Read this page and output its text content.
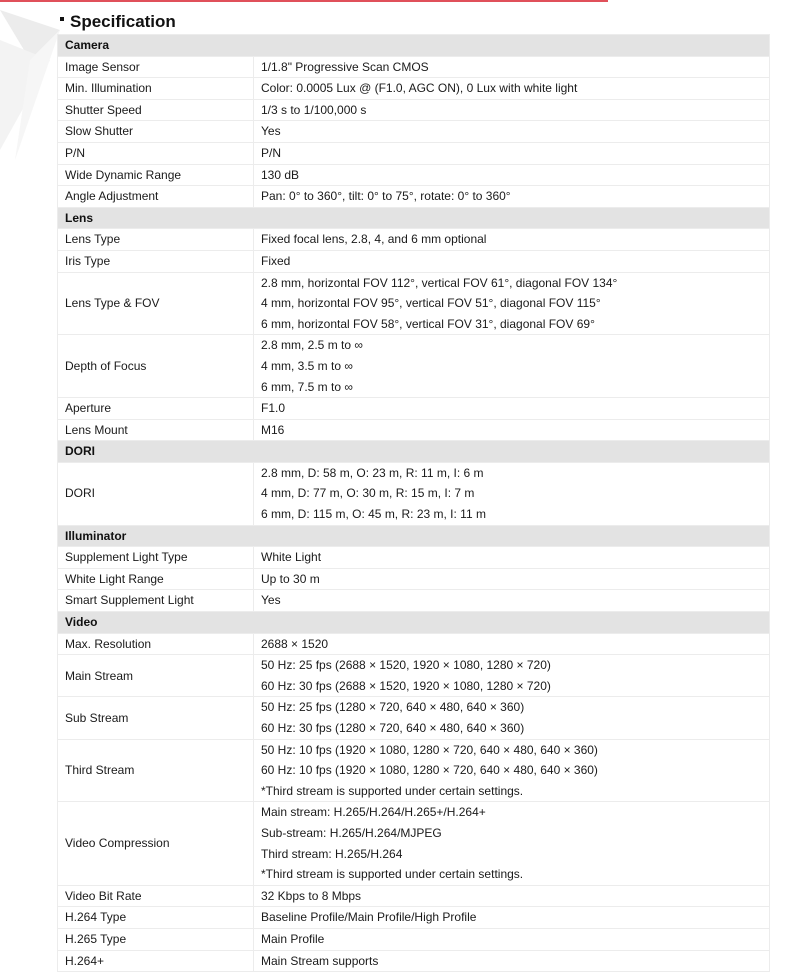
Specification
Camera	
Image Sensor	1/1.8" Progressive Scan CMOS

Min. Illumination	Color: 0.0005 Lux @ (F1.0, AGC ON), 0 Lux with white light

Shutter Speed	1/3 s to 1/100,000 s

Slow Shutter	Yes

P/N	P/N

Wide Dynamic Range	130 dB

Angle Adjustment	Pan: 0° to 360°, tilt: 0° to 75°, rotate: 0° to 360°

Lens	
Lens Type	Fixed focal lens, 2.8, 4, and 6 mm optional

Iris Type	Fixed

Lens Type & FOV	2.8 mm, horizontal FOV 112°, vertical FOV 61°, diagonal FOV 134°
4 mm, horizontal FOV 95°, vertical FOV 51°, diagonal FOV 115°
6 mm, horizontal FOV 58°, vertical FOV 31°, diagonal FOV 69°

Depth of Focus	2.8 mm, 2.5 m to ∞
4 mm, 3.5 m to ∞
6 mm, 7.5 m to ∞

Aperture	F1.0

Lens Mount	M16

DORI	
DORI	2.8 mm, D: 58 m, O: 23 m, R: 11 m, I: 6 m
4 mm, D: 77 m, O: 30 m, R: 15 m, I: 7 m
6 mm, D: 115 m, O: 45 m, R: 23 m, I: 11 m

Illuminator	
Supplement Light Type	White Light

White Light Range	Up to 30 m

Smart Supplement Light	Yes

Video	
Max. Resolution	2688 × 1520

Main Stream	50 Hz: 25 fps (2688 × 1520, 1920 × 1080, 1280 × 720)
60 Hz: 30 fps (2688 × 1520, 1920 × 1080, 1280 × 720)

Sub Stream	50 Hz: 25 fps (1280 × 720, 640 × 480, 640 × 360)
60 Hz: 30 fps (1280 × 720, 640 × 480, 640 × 360)

Third Stream	50 Hz: 10 fps (1920 × 1080, 1280 × 720, 640 × 480, 640 × 360)
60 Hz: 10 fps (1920 × 1080, 1280 × 720, 640 × 480, 640 × 360)
*Third stream is supported under certain settings.

Video Compression	Main stream: H.265/H.264/H.265+/H.264+
Sub-stream: H.265/H.264/MJPEG
Third stream: H.265/H.264
*Third stream is supported under certain settings.

Video Bit Rate	32 Kbps to 8 Mbps

H.264 Type	Baseline Profile/Main Profile/High Profile

H.265 Type	Main Profile

H.264+	Main Stream supports
